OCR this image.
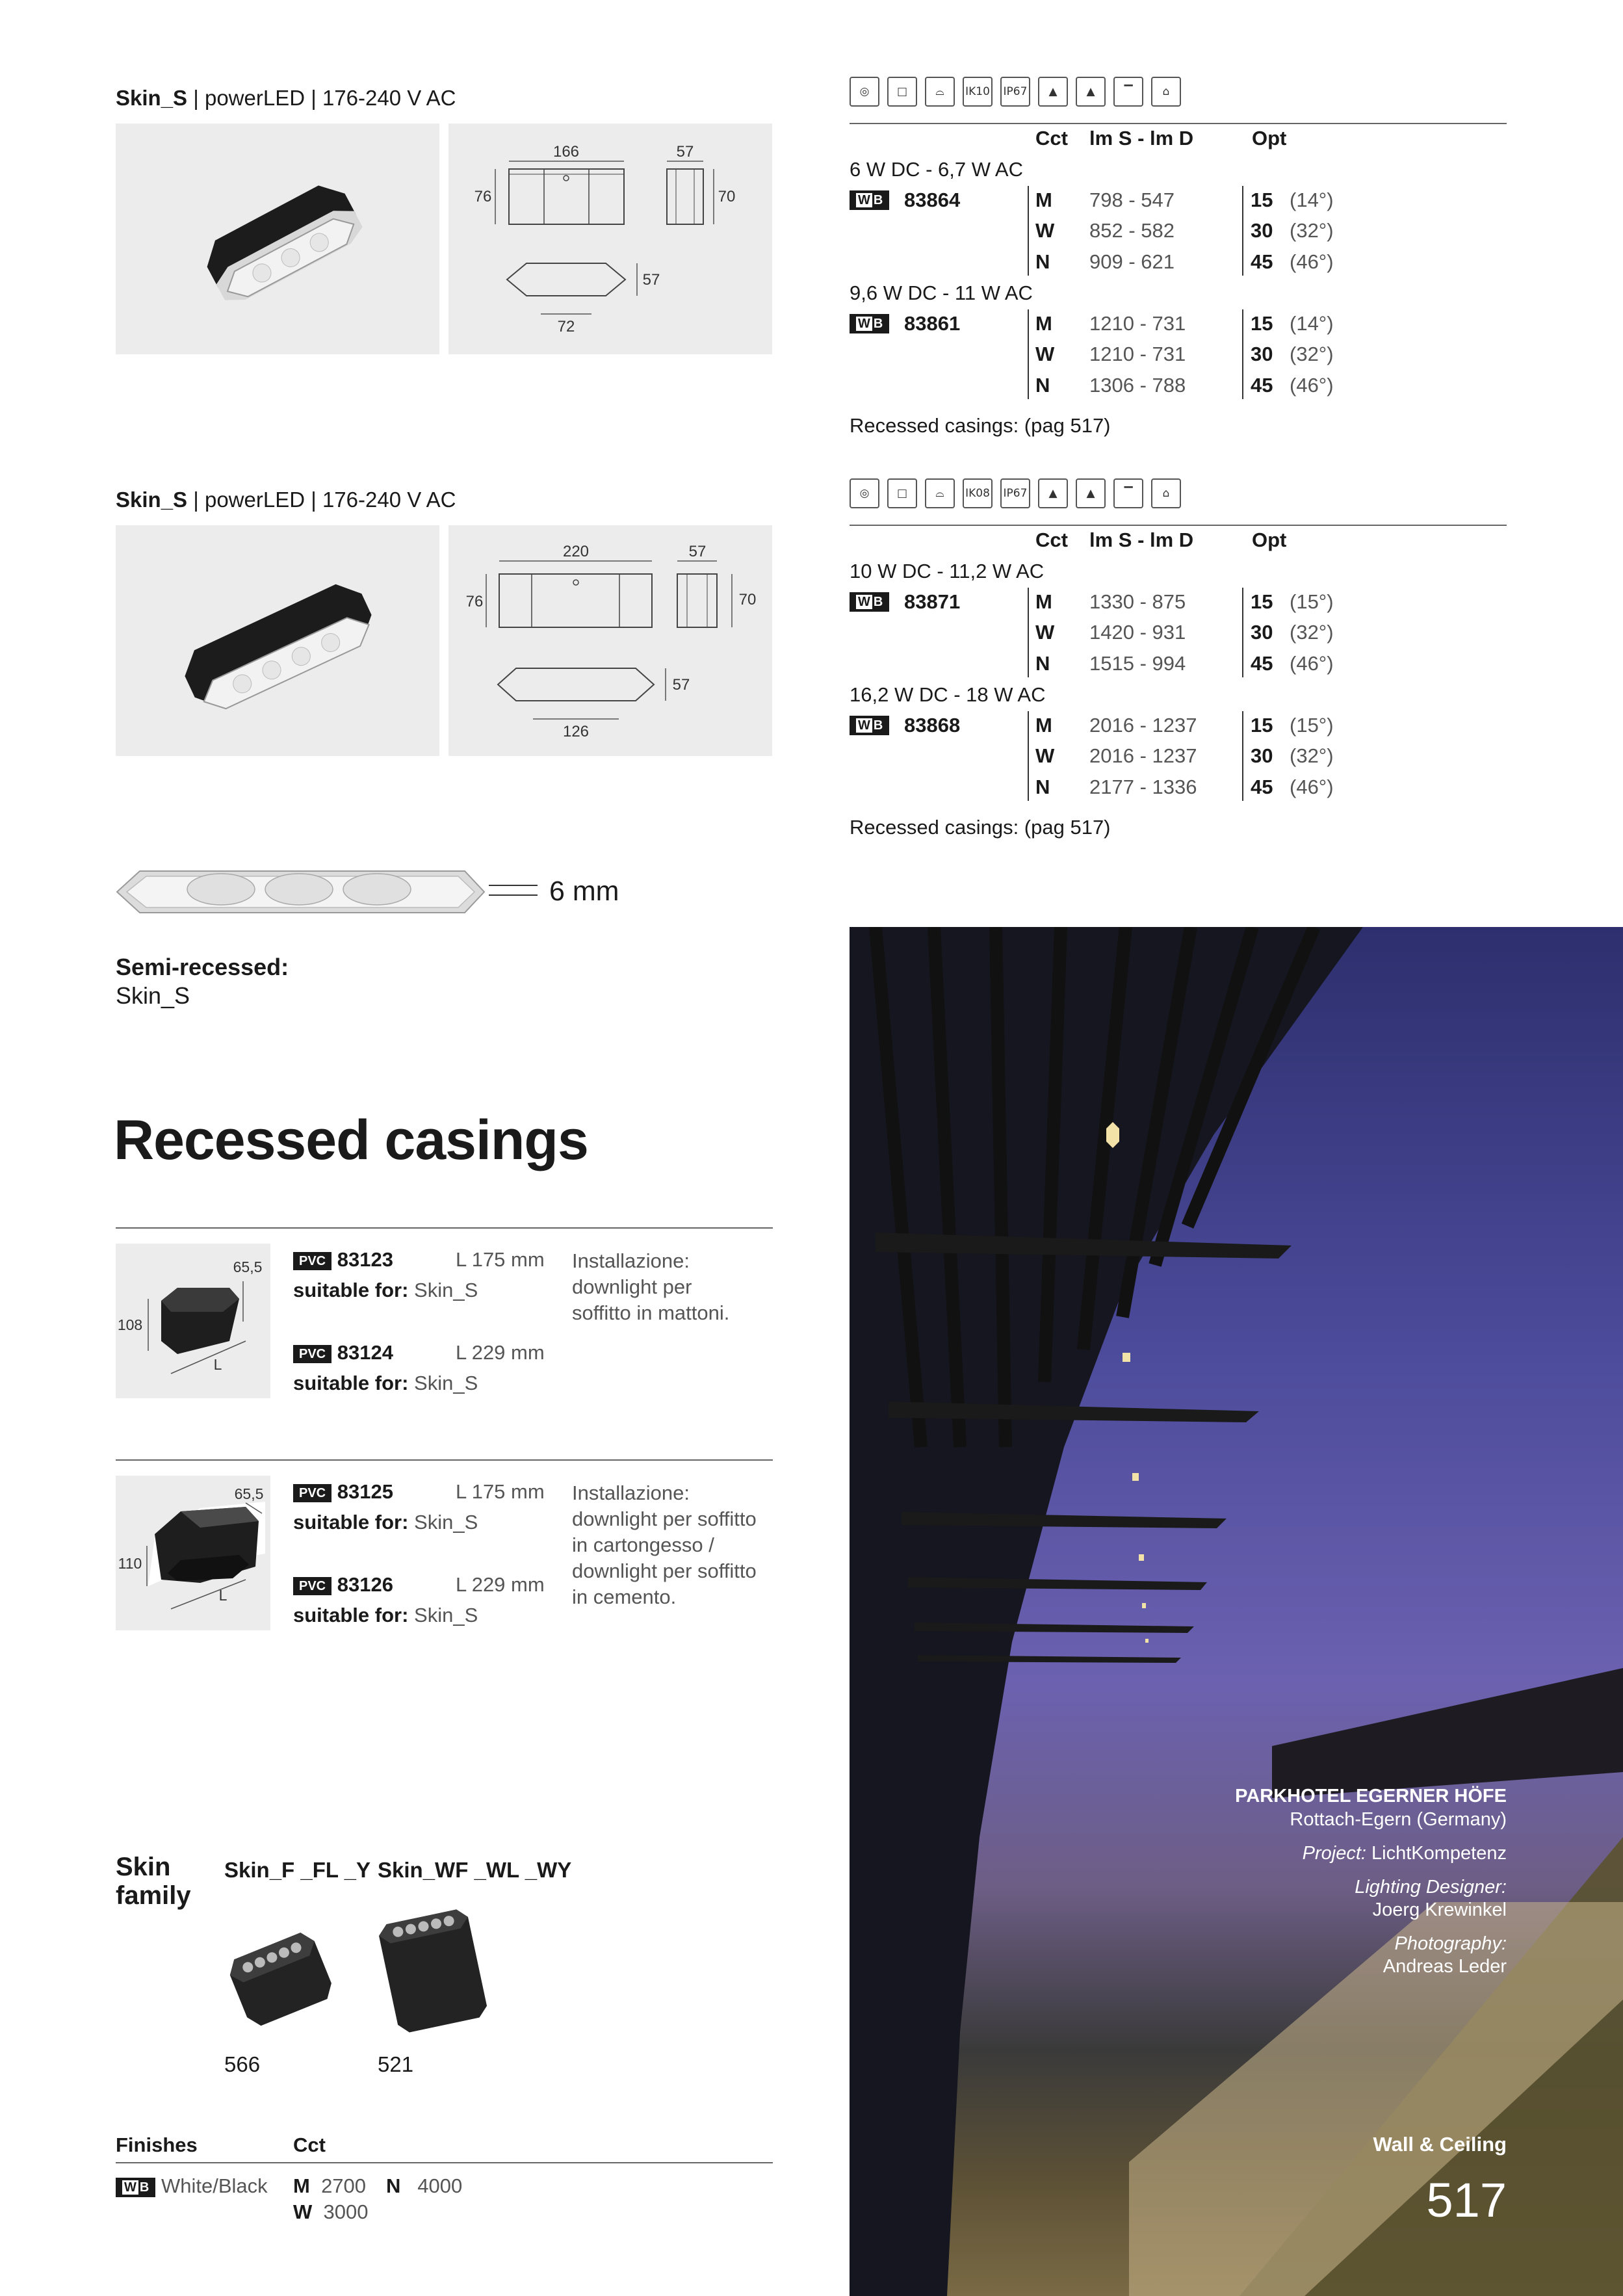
Skin_S | powerLED | 176-240 V AC
166	57
76	70
57
72
◎	□	⌓	IK10 IP67	▲	▲	▔	⌂
Cct lm S - lm D	Opt
6 W DC - 6,7 W AC
W B	83864	M 798 - 547	15 (14°)
W 852 - 582	30 (32°)
N 909 - 621	45 (46°)
9,6 W DC - 11 W AC
W B	83861	M 1210 - 731	15 (14°)
W 1210 - 731	30 (32°)
N 1306 - 788	45 (46°)
Recessed casings: (pag 517)
Skin_S | powerLED | 176-240 V AC
220	57
76	70
57
126
◎	□	⌓	IK08 IP67	▲	▲	▔	⌂
Cct lm S - lm D	Opt
10 W DC - 11,2 W AC
W B	83871	M 1330 - 875	15 (15°)
W 1420 - 931	30 (32°)
N 1515 - 994	45 (46°)
16,2 W DC - 18 W AC
W B	83868	M 2016 - 1237	15 (15°)
W 2016 - 1237	30 (32°)
N 2177 - 1336	45 (46°)
Recessed casings: (pag 517)
6 mm
Semi-recessed:
Skin_S
Recessed casings
65,5
108
L
PVC 83123	L 175 mm
suitable for: Skin_S
PVC 83124	L 229 mm
suitable for: Skin_S
Installazione:
downlight per
soffitto in mattoni.
65,5
110
L
PVC 83125	L 175 mm
suitable for: Skin_S
PVC 83126	L 229 mm
suitable for: Skin_S
Installazione:
downlight per soffitto
in cartongesso /
downlight per soffitto
in cemento.
Skin
family
Skin_F _FL _Y Skin_WF _WL _WY
566	521
Finishes	Cct
W B White/Black M 2700 N 4000
W 3000
PARKHOTEL EGERNER HÖFE
Rottach-Egern (Germany)
Project: LichtKompetenz
Lighting Designer:
Joerg Krewinkel
Photography:
Andreas Leder
Wall & Ceiling
517
